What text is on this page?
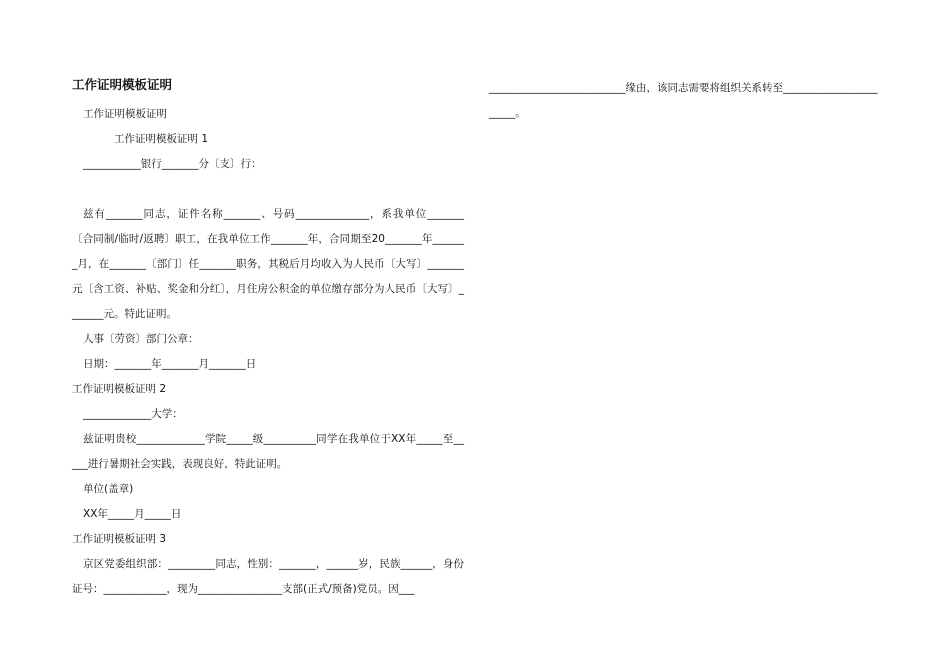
工作证明模板证明

工作证明模板证明

工作证明模板证明 1

___________银行_______分〔支〕行：

兹有_______同志，证件名称_______、号码______________，系我单位_______〔合同制/临时/返聘〕职工，在我单位工作_______年，合同期至20_______年_______月，在_______〔部门〕任_______职务，其税后月均收入为人民币〔大写〕_______元〔含工资、补贴、奖金和分红〕，月住房公积金的单位缴存部分为人民币〔大写〕_______元。特此证明。

人事〔劳资〕部门公章：

日期：_______年_______月_______日

工作证明模板证明 2

_____________大学：

兹证明贵校_____________学院_____级__________同学在我单位于XX年_____至_____进行暑期社会实践，表现良好，特此证明。

单位(盖章)

XX年_____月_____日

工作证明模板证明 3

京区党委组织部：_________同志，性别：_______，______岁，民族______，身份证号：____________，现为________________支部(正式/预备)党员。因___

__________________________缘由，该同志需要将组织关系转至_______________________。
